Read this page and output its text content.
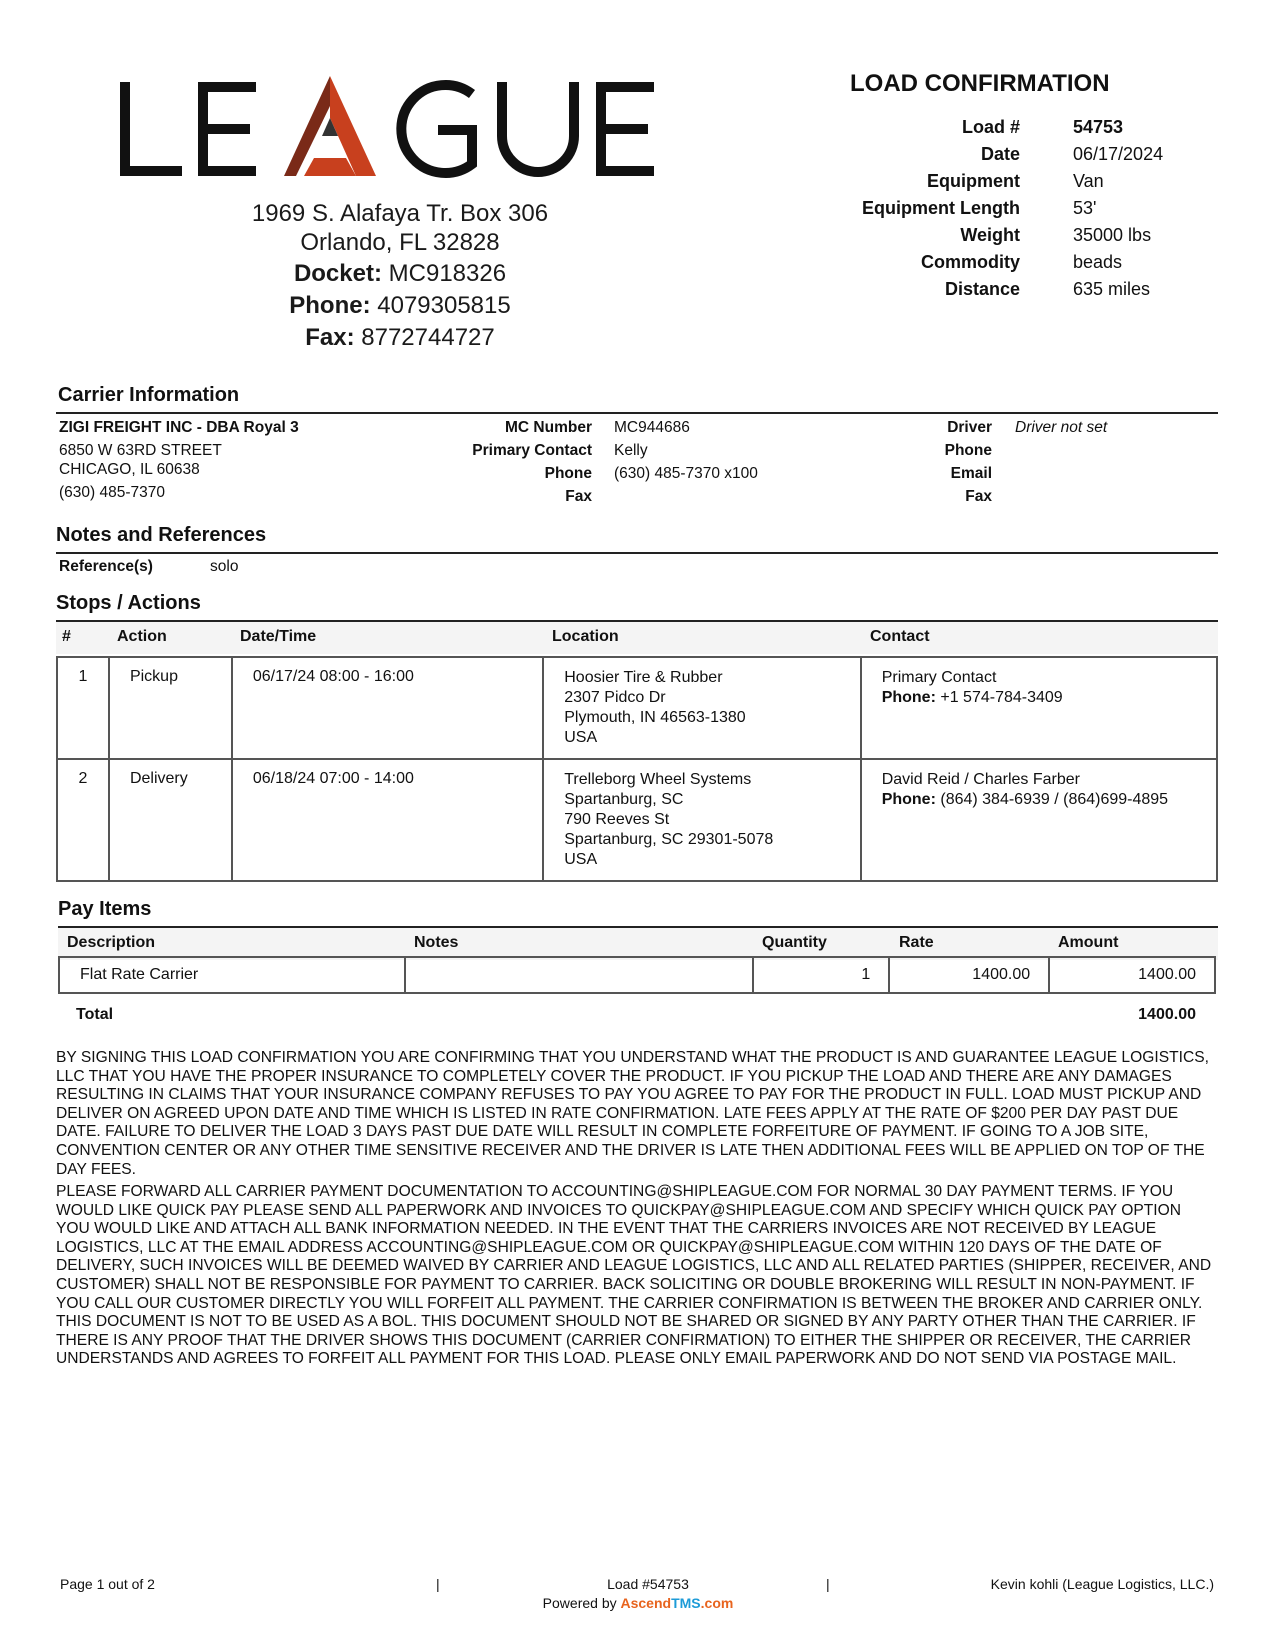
1969 S. Alafaya Tr. Box 306
Orlando, FL 32828
Docket: MC918326
Phone: 4079305815
Fax: 8772744727
LOAD CONFIRMATION
Load #	54753
Date	06/17/2024
Equipment	Van
Equipment Length	53'
Weight	35000 lbs
Commodity	beads
Distance	635 miles
Carrier Information
ZIGI FREIGHT INC - DBA Royal 3
6850 W 63RD STREET
CHICAGO, IL 60638
(630) 485-7370
MC Number MC944686
Primary Contact Kelly
Phone (630) 485-7370 x100
Fax
Driver Driver not set
Phone
Email
Fax
Notes and References
Reference(s)	solo
Stops / Actions
#	Action	Date/Time	Location	Contact
1	Pickup	06/17/24 08:00 - 16:00	Hoosier Tire & Rubber
2307 Pidco Dr
Plymouth, IN 46563-1380
USA	Primary Contact
Phone: +1 574-784-3409

2	Delivery	06/18/24 07:00 - 14:00	Trelleborg Wheel Systems
Spartanburg, SC
790 Reeves St
Spartanburg, SC 29301-5078
USA	David Reid / Charles Farber
Phone: (864) 384-6939 / (864)699-4895
Pay Items
Description	Notes	Quantity	Rate	Amount
Flat Rate Carrier		1	1400.00	1400.00
Total	1400.00
BY SIGNING THIS LOAD CONFIRMATION YOU ARE CONFIRMING THAT YOU UNDERSTAND WHAT THE PRODUCT IS AND GUARANTEE LEAGUE LOGISTICS, LLC THAT YOU HAVE THE PROPER INSURANCE TO COMPLETELY COVER THE PRODUCT. IF YOU PICKUP THE LOAD AND THERE ARE ANY DAMAGES RESULTING IN CLAIMS THAT YOUR INSURANCE COMPANY REFUSES TO PAY YOU AGREE TO PAY FOR THE PRODUCT IN FULL. LOAD MUST PICKUP AND DELIVER ON AGREED UPON DATE AND TIME WHICH IS LISTED IN RATE CONFIRMATION. LATE FEES APPLY AT THE RATE OF $200 PER DAY PAST DUE DATE. FAILURE TO DELIVER THE LOAD 3 DAYS PAST DUE DATE WILL RESULT IN COMPLETE FORFEITURE OF PAYMENT. IF GOING TO A JOB SITE, CONVENTION CENTER OR ANY OTHER TIME SENSITIVE RECEIVER AND THE DRIVER IS LATE THEN ADDITIONAL FEES WILL BE APPLIED ON TOP OF THE DAY FEES.
PLEASE FORWARD ALL CARRIER PAYMENT DOCUMENTATION TO ACCOUNTING@SHIPLEAGUE.COM FOR NORMAL 30 DAY PAYMENT TERMS. IF YOU WOULD LIKE QUICK PAY PLEASE SEND ALL PAPERWORK AND INVOICES TO QUICKPAY@SHIPLEAGUE.COM AND SPECIFY WHICH QUICK PAY OPTION YOU WOULD LIKE AND ATTACH ALL BANK INFORMATION NEEDED. IN THE EVENT THAT THE CARRIERS INVOICES ARE NOT RECEIVED BY LEAGUE LOGISTICS, LLC AT THE EMAIL ADDRESS ACCOUNTING@SHIPLEAGUE.COM OR QUICKPAY@SHIPLEAGUE.COM WITHIN 120 DAYS OF THE DATE OF DELIVERY, SUCH INVOICES WILL BE DEEMED WAIVED BY CARRIER AND LEAGUE LOGISTICS, LLC AND ALL RELATED PARTIES (SHIPPER, RECEIVER, AND CUSTOMER) SHALL NOT BE RESPONSIBLE FOR PAYMENT TO CARRIER. BACK SOLICITING OR DOUBLE BROKERING WILL RESULT IN NON-PAYMENT. IF YOU CALL OUR CUSTOMER DIRECTLY YOU WILL FORFEIT ALL PAYMENT. THE CARRIER CONFIRMATION IS BETWEEN THE BROKER AND CARRIER ONLY. THIS DOCUMENT IS NOT TO BE USED AS A BOL. THIS DOCUMENT SHOULD NOT BE SHARED OR SIGNED BY ANY PARTY OTHER THAN THE CARRIER. IF THERE IS ANY PROOF THAT THE DRIVER SHOWS THIS DOCUMENT (CARRIER CONFIRMATION) TO EITHER THE SHIPPER OR RECEIVER, THE CARRIER UNDERSTANDS AND AGREES TO FORFEIT ALL PAYMENT FOR THIS LOAD. PLEASE ONLY EMAIL PAPERWORK AND DO NOT SEND VIA POSTAGE MAIL.
Page 1 out of 2	|	Load #54753	|	Kevin kohli (League Logistics, LLC.)
Powered by AscendTMS.com
